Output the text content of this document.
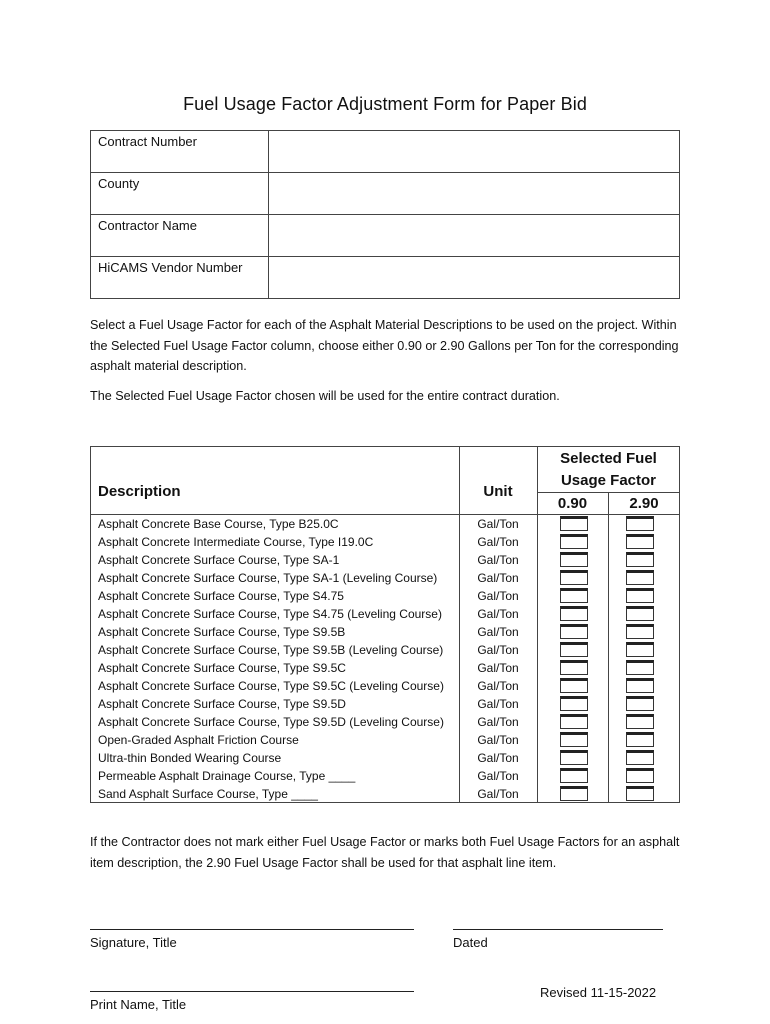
Fuel Usage Factor Adjustment Form for Paper Bid
Contract Number	
County	
Contractor Name	
HiCAMS Vendor Number	
Select a Fuel Usage Factor for each of the Asphalt Material Descriptions to be used on the project. Within the Selected Fuel Usage Factor column, choose either 0.90 or 2.90 Gallons per Ton for the corresponding asphalt material description.
The Selected Fuel Usage Factor chosen will be used for the entire contract duration.
Description	Unit
Selected Fuel Usage Factor
0.90	2.90
Asphalt Concrete Base Course, Type B25.0C	Gal/Ton
Asphalt Concrete Intermediate Course, Type I19.0C	Gal/Ton
Asphalt Concrete Surface Course, Type SA-1	Gal/Ton
Asphalt Concrete Surface Course, Type SA-1 (Leveling Course)	Gal/Ton
Asphalt Concrete Surface Course, Type S4.75	Gal/Ton
Asphalt Concrete Surface Course, Type S4.75 (Leveling Course)	Gal/Ton
Asphalt Concrete Surface Course, Type S9.5B	Gal/Ton
Asphalt Concrete Surface Course, Type S9.5B (Leveling Course)	Gal/Ton
Asphalt Concrete Surface Course, Type S9.5C	Gal/Ton
Asphalt Concrete Surface Course, Type S9.5C (Leveling Course)	Gal/Ton
Asphalt Concrete Surface Course, Type S9.5D	Gal/Ton
Asphalt Concrete Surface Course, Type S9.5D (Leveling Course)	Gal/Ton
Open-Graded Asphalt Friction Course	Gal/Ton
Ultra-thin Bonded Wearing Course	Gal/Ton
Permeable Asphalt Drainage Course, Type ____	Gal/Ton
Sand Asphalt Surface Course, Type ____	Gal/Ton
If the Contractor does not mark either Fuel Usage Factor or marks both Fuel Usage Factors for an asphalt item description, the 2.90 Fuel Usage Factor shall be used for that asphalt line item.
Signature, Title	Dated
Print Name, Title
Revised 11-15-2022
